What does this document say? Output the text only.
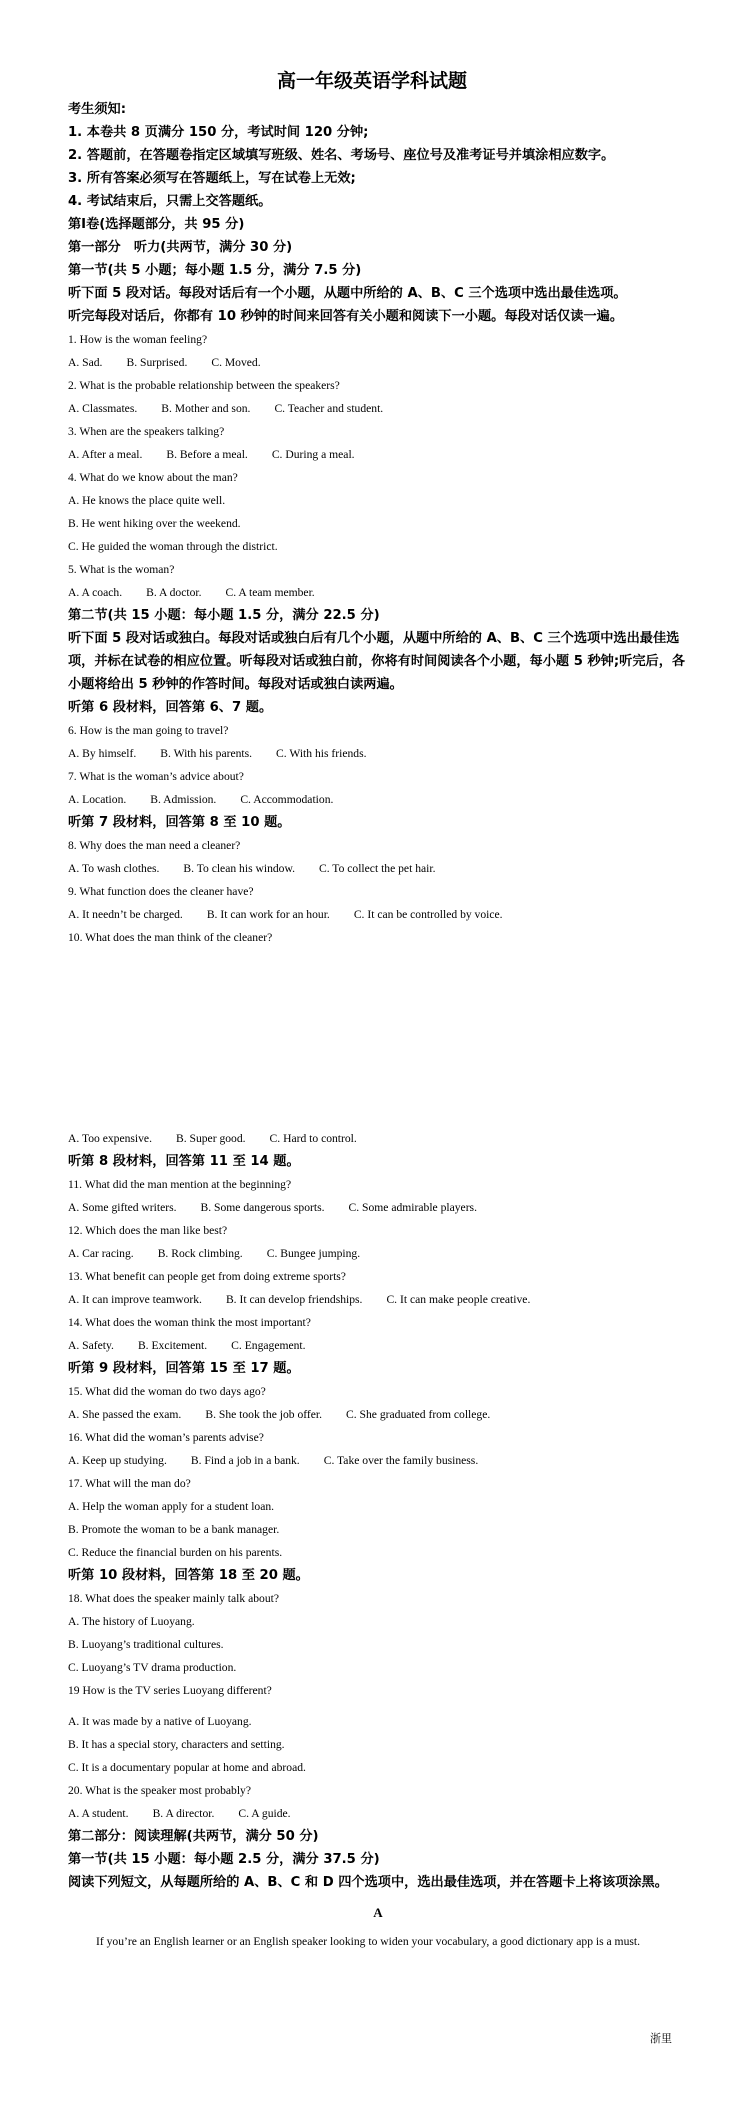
高一年级英语学科试题
考生须知:
1. 本卷共 8 页满分 150 分，考试时间 120 分钟;
2. 答题前，在答题卷指定区域填写班级、姓名、考场号、座位号及准考证号并填涂相应数字。
3. 所有答案必须写在答题纸上，写在试卷上无效;
4. 考试结束后，只需上交答题纸。
第Ⅰ卷(选择题部分，共 95 分)
第一部分　听力(共两节，满分 30 分)
第一节(共 5 小题；每小题 1.5 分，满分 7.5 分)
听下面 5 段对话。每段对话后有一个小题，从题中所给的 A、B、C 三个选项中选出最佳选项。
听完每段对话后，你都有 10 秒钟的时间来回答有关小题和阅读下一小题。每段对话仅读一遍。
1. How is the woman feeling?
A. Sad. B. Surprised. C. Moved.
2. What is the probable relationship between the speakers?
A. Classmates. B. Mother and son. C. Teacher and student.
3. When are the speakers talking?
A. After a meal. B. Before a meal. C. During a meal.
4. What do we know about the man?
A. He knows the place quite well.
B. He went hiking over the weekend.
C. He guided the woman through the district.
5. What is the woman?
A. A coach. B. A doctor. C. A team member.
第二节(共 15 小题：每小题 1.5 分，满分 22.5 分)
听下面 5 段对话或独白。每段对话或独白后有几个小题，从题中所给的 A、B、C 三个选项中选出最佳选项，并标在试卷的相应位置。听每段对话或独白前，你将有时间阅读各个小题，每小题 5 秒钟;听完后，各小题将给出 5 秒钟的作答时间。每段对话或独白读两遍。
听第 6 段材料，回答第 6、7 题。
6. How is the man going to travel?
A. By himself. B. With his parents. C. With his friends.
7. What is the woman’s advice about?
A. Location. B. Admission. C. Accommodation.
听第 7 段材料，回答第 8 至 10 题。
8. Why does the man need a cleaner?
A. To wash clothes. B. To clean his window. C. To collect the pet hair.
9. What function does the cleaner have?
A. It needn’t be charged. B. It can work for an hour. C. It can be controlled by voice.
10. What does the man think of the cleaner?
A. Too expensive. B. Super good. C. Hard to control.
听第 8 段材料，回答第 11 至 14 题。
11. What did the man mention at the beginning?
A. Some gifted writers. B. Some dangerous sports. C. Some admirable players.
12. Which does the man like best?
A. Car racing. B. Rock climbing. C. Bungee jumping.
13. What benefit can people get from doing extreme sports?
A. It can improve teamwork. B. It can develop friendships. C. It can make people creative.
14. What does the woman think the most important?
A. Safety. B. Excitement. C. Engagement.
听第 9 段材料，回答第 15 至 17 题。
15. What did the woman do two days ago?
A. She passed the exam. B. She took the job offer. C. She graduated from college.
16. What did the woman’s parents advise?
A. Keep up studying. B. Find a job in a bank. C. Take over the family business.
17. What will the man do?
A. Help the woman apply for a student loan.
B. Promote the woman to be a bank manager.
C. Reduce the financial burden on his parents.
听第 10 段材料，回答第 18 至 20 题。
18. What does the speaker mainly talk about?
A. The history of Luoyang.
B. Luoyang’s traditional cultures.
C. Luoyang’s TV drama production.
19 How is the TV series Luoyang different?
A. It was made by a native of Luoyang.
B. It has a special story, characters and setting.
C. It is a documentary popular at home and abroad.
20. What is the speaker most probably?
A. A student. B. A director. C. A guide.
第二部分：阅读理解(共两节，满分 50 分)
第一节(共 15 小题：每小题 2.5 分，满分 37.5 分)
阅读下列短文，从每题所给的 A、B、C 和 D 四个选项中，选出最佳选项，并在答题卡上将该项涂黑。
A
If you’re an English learner or an English speaker looking to widen your vocabulary, a good dictionary app is a must.
浙里
